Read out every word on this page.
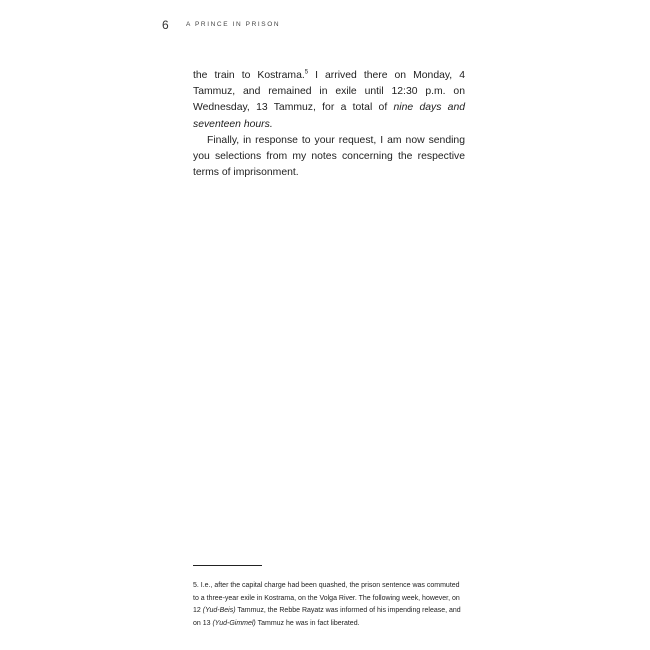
6	A PRINCE IN PRISON

the train to Kostrama.$^5$ I arrived there on Monday, 4 Tammuz, and remained in exile until 12:30 p.m. on Wednesday, 13 Tammuz, for a total of nine days and seventeen hours.

Finally, in response to your request, I am now sending you selections from my notes concerning the respective terms of imprisonment.

5. I.e., after the capital charge had been quashed, the prison sentence was commuted to a three-year exile in Kostrama, on the Volga River. The following week, however, on 12 (Yud-Beis) Tammuz, the Rebbe Rayatz was informed of his impending release, and on 13 (Yud-Gimmel) Tammuz he was in fact liberated.
